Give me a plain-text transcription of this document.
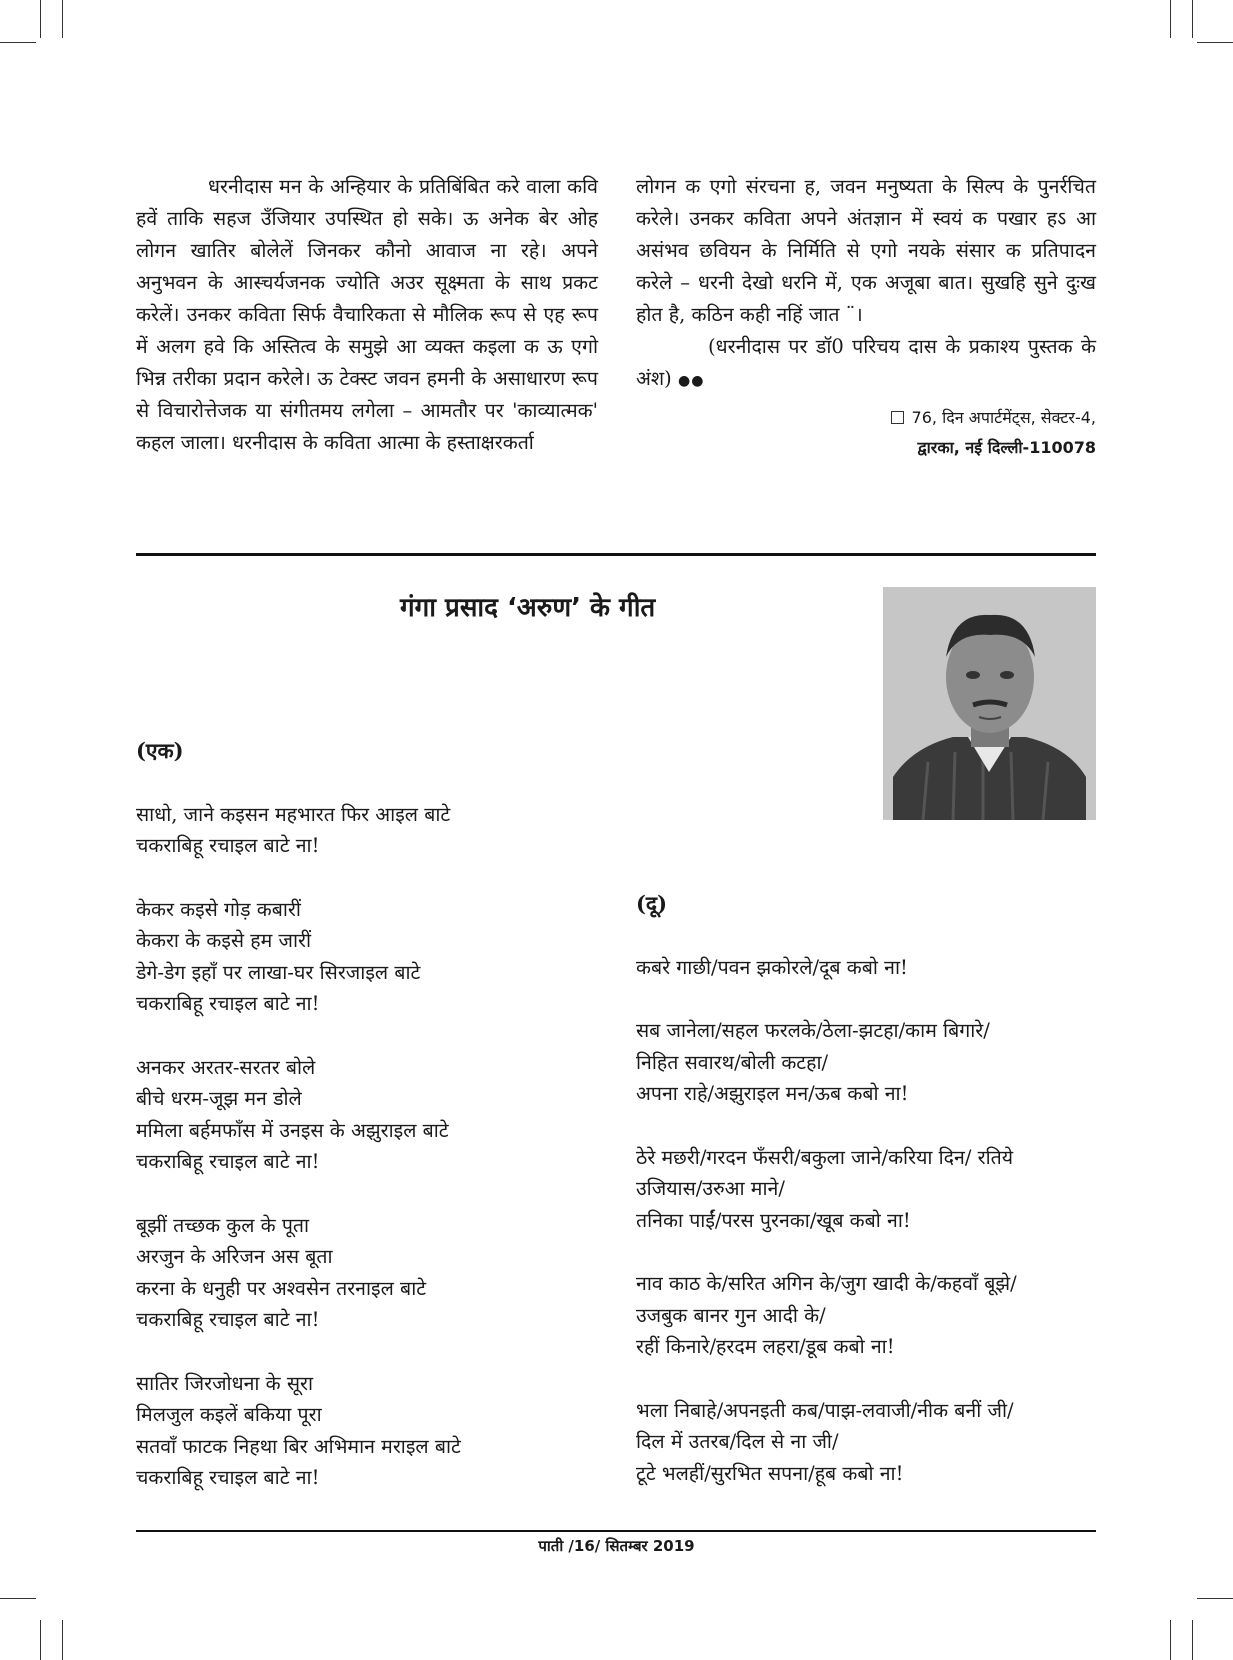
धरनीदास मन के अन्हियार के प्रतिबिंबित करे वाला कवि हवें ताकि सहज उँजियार उपस्थित हो सके। ऊ अनेक बेर ओह लोगन खातिर बोलेलें जिनकर कौनो आवाज ना रहे। अपने अनुभवन के आस्चर्यजनक ज्योति अउर सूक्ष्मता के साथ प्रकट करेलें। उनकर कविता सिर्फ वैचारिकता से मौलिक रूप से एह रूप में अलग हवे कि अस्तित्व के समुझे आ व्यक्त कइला क ऊ एगो भिन्न तरीका प्रदान करेले। ऊ टेक्स्ट जवन हमनी के असाधारण रूप से विचारोत्तेजक या संगीतमय लगेला – आमतौर पर 'काव्यात्मक' कहल जाला। धरनीदास के कविता आत्मा के हस्ताक्षरकर्ता

लोगन क एगो संरचना ह, जवन मनुष्यता के सिल्प के पुनर्रचित करेले। उनकर कविता अपने अंतज्ञान में स्वयं क पखार हऽ आ असंभव छवियन के निर्मिति से एगो नयके संसार क प्रतिपादन करेले – धरनी देखो धरनि में, एक अजूबा बात। सुखहि सुने दुःख होत है, कठिन कही नहिं जात ¨।

(धरनीदास पर डॉ0 परिचय दास के प्रकाश्य पुस्तक के अंश) ●●

76, दिन अपार्टमेंट्स, सेक्टर-4,
द्वारका, नई दिल्ली-110078
गंगा प्रसाद ‘अरुण’ के गीत
(एक)
साधो, जाने कइसन महभारत फिर आइल बाटे
चकराबिहू रचाइल बाटे ना!
केकर कइसे गोड़ कबारीं
केकरा के कइसे हम जारीं
डेगे-डेग इहाँ पर लाखा-घर सिरजाइल बाटे
चकराबिहू रचाइल बाटे ना!
अनकर अरतर-सरतर बोले
बीचे धरम-जूझ मन डोले
ममिला बर्हमफाँस में उनइस के अझुराइल बाटे
चकराबिहू रचाइल बाटे ना!
बूझीं तच्छक कुल के पूता
अरजुन के अरिजन अस बूता
करना के धनुही पर अश्वसेन तरनाइल बाटे
चकराबिहू रचाइल बाटे ना!
सातिर जिरजोधना के सूरा
मिलजुल कइलें बकिया पूरा
सतवाँ फाटक निहथा बिर अभिमान मराइल बाटे
चकराबिहू रचाइल बाटे ना!
(दू)
कबरे गाछी/पवन झकोरले/दूब कबो ना!
सब जानेला/सहल फरलके/ठेला-झटहा/काम बिगारे/
निहित सवारथ/बोली कटहा/
अपना राहे/अझुराइल मन/ऊब कबो ना!
ठेरे मछरी/गरदन फँसरी/बकुला जाने/करिया दिन/ रतिये
उजियास/उरुआ माने/
तनिका पाईं/परस पुरनका/खूब कबो ना!
नाव काठ के/सरित अगिन के/जुग खादी के/कहवाँ बूझे/
उजबुक बानर गुन आदी के/
रहीं किनारे/हरदम लहरा/डूब कबो ना!
भला निबाहे/अपनइती कब/पाझ-लवाजी/नीक बनीं जी/
दिल में उतरब/दिल से ना जी/
टूटे भलहीं/सुरभित सपना/हूब कबो ना!
पाती /16/ सितम्बर 2019
